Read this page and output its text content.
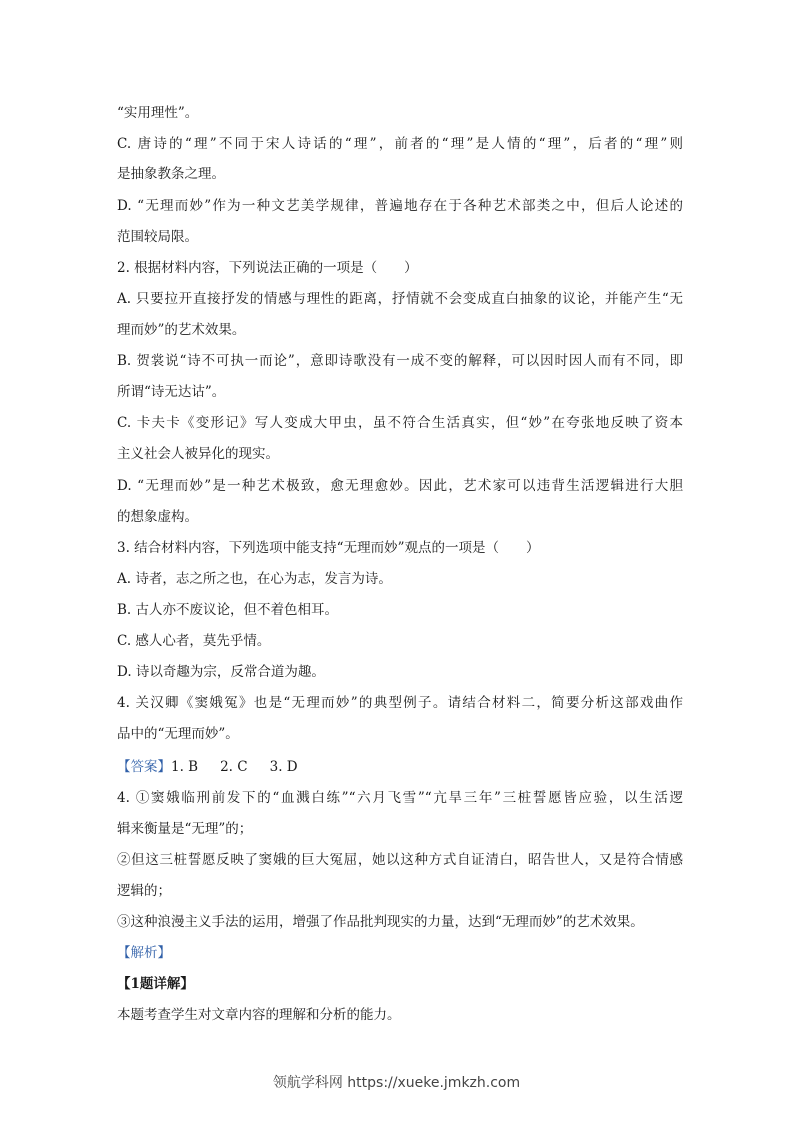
“实用理性”。
C. 唐诗的“理”不同于宋人诗话的“理”，前者的“理”是人情的“理”，后者的“理”则
是抽象教条之理。
D. “无理而妙”作为一种文艺美学规律，普遍地存在于各种艺术部类之中，但后人论述的
范围较局限。
2. 根据材料内容，下列说法正确的一项是（　　）
A. 只要拉开直接抒发的情感与理性的距离，抒情就不会变成直白抽象的议论，并能产生“无
理而妙”的艺术效果。
B. 贺裳说“诗不可执一而论”，意即诗歌没有一成不变的解释，可以因时因人而有不同，即
所谓“诗无达诂”。
C. 卡夫卡《变形记》写人变成大甲虫，虽不符合生活真实，但“妙”在夸张地反映了资本
主义社会人被异化的现实。
D. “无理而妙”是一种艺术极致，愈无理愈妙。因此，艺术家可以违背生活逻辑进行大胆
的想象虚构。
3. 结合材料内容，下列选项中能支持“无理而妙”观点的一项是（　　）
A. 诗者，志之所之也，在心为志，发言为诗。
B. 古人亦不废议论，但不着色相耳。
C. 感人心者，莫先乎情。
D. 诗以奇趣为宗，反常合道为趣。
4. 关汉卿《窦娥冤》也是“无理而妙”的典型例子。请结合材料二，简要分析这部戏曲作
品中的“无理而妙”。
【答案】1. B 2. C 3. D
4. ①窦娥临刑前发下的“血溅白练”“六月飞雪”“亢旱三年”三桩誓愿皆应验，以生活逻
辑来衡量是“无理”的；
②但这三桩誓愿反映了窦娥的巨大冤屈，她以这种方式自证清白，昭告世人，又是符合情感
逻辑的；
③这种浪漫主义手法的运用，增强了作品批判现实的力量，达到“无理而妙”的艺术效果。
【解析】
【1题详解】
本题考查学生对文章内容的理解和分析的能力。
领航学科网 https://xueke.jmkzh.com
